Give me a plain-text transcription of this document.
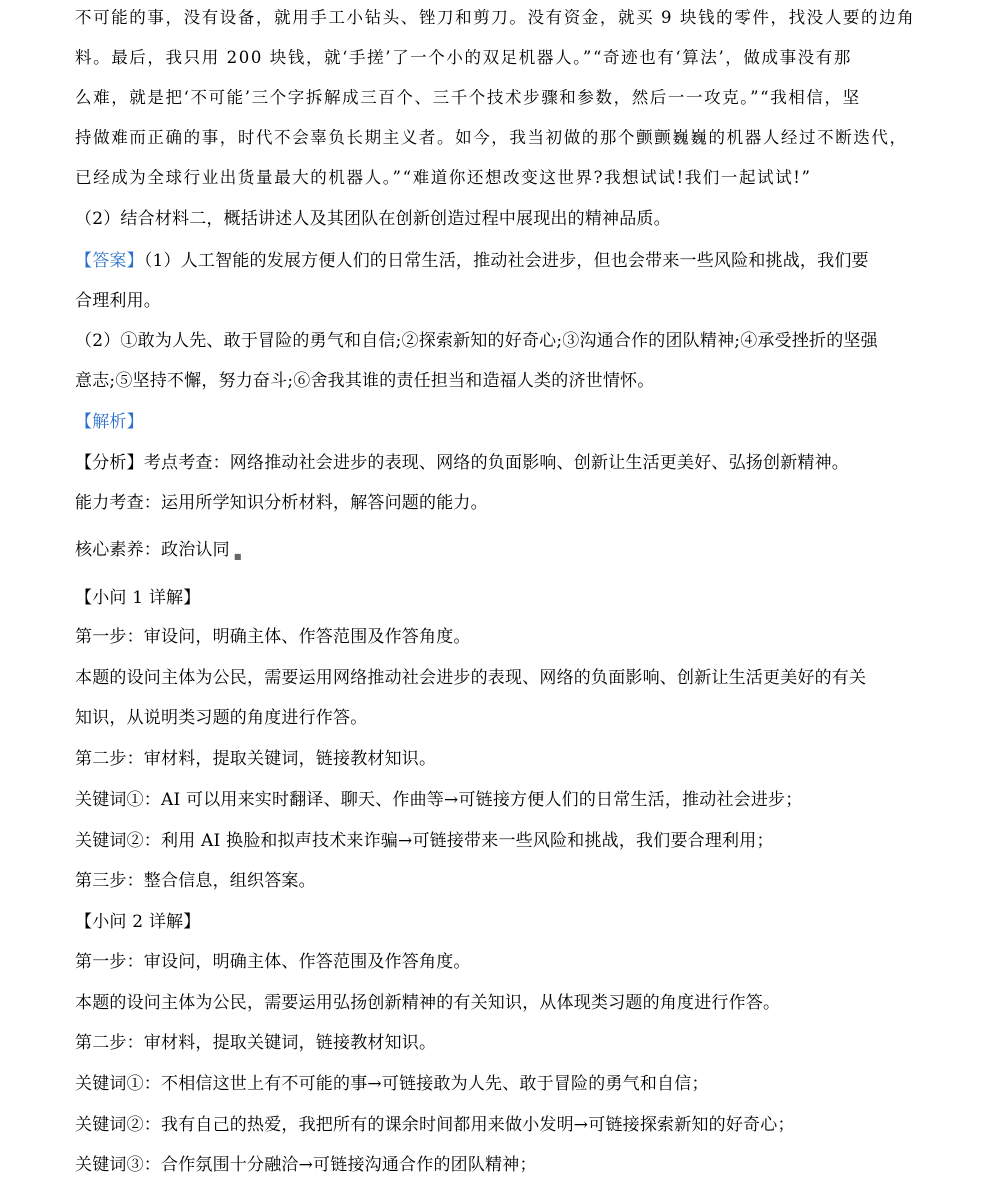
不可能的事，没有设备，就用手工小钻头、锉刀和剪刀。没有资金，就买 9 块钱的零件，找没人要的边角
料。最后，我只用 200 块钱，就‘手搓’了一个小的双足机器人。”“奇迹也有‘算法’，做成事没有那
么难，就是把‘不可能’三个字拆解成三百个、三千个技术步骤和参数，然后一一攻克。”“我相信，坚
持做难而正确的事，时代不会辜负长期主义者。如今，我当初做的那个颤颤巍巍的机器人经过不断迭代，
已经成为全球行业出货量最大的机器人。”“难道你还想改变这世界?我想试试!我们一起试试!”
（2）结合材料二，概括讲述人及其团队在创新创造过程中展现出的精神品质。
【答案】（1）人工智能的发展方便人们的日常生活，推动社会进步，但也会带来一些风险和挑战，我们要
合理利用。
（2）①敢为人先、敢于冒险的勇气和自信;②探索新知的好奇心;③沟通合作的团队精神;④承受挫折的坚强
意志;⑤坚持不懈，努力奋斗;⑥舍我其谁的责任担当和造福人类的济世情怀。
【解析】
【分析】考点考查：网络推动社会进步的表现、网络的负面影响、创新让生活更美好、弘扬创新精神。
能力考查：运用所学知识分析材料，解答问题的能力。
核心素养：政治认同 $_■$
【小问 1 详解】
第一步：审设问，明确主体、作答范围及作答角度。
本题的设问主体为公民，需要运用网络推动社会进步的表现、网络的负面影响、创新让生活更美好的有关
知识，从说明类习题的角度进行作答。
第二步：审材料，提取关键词，链接教材知识。
关键词①：AI 可以用来实时翻译、聊天、作曲等→可链接方便人们的日常生活，推动社会进步；
关键词②：利用 AI 换脸和拟声技术来诈骗→可链接带来一些风险和挑战，我们要合理利用；
第三步：整合信息，组织答案。
【小问 2 详解】
第一步：审设问，明确主体、作答范围及作答角度。
本题的设问主体为公民，需要运用弘扬创新精神的有关知识，从体现类习题的角度进行作答。
第二步：审材料，提取关键词，链接教材知识。
关键词①：不相信这世上有不可能的事→可链接敢为人先、敢于冒险的勇气和自信；
关键词②：我有自己的热爱，我把所有的课余时间都用来做小发明→可链接探索新知的好奇心；
关键词③：合作氛围十分融洽→可链接沟通合作的团队精神；
